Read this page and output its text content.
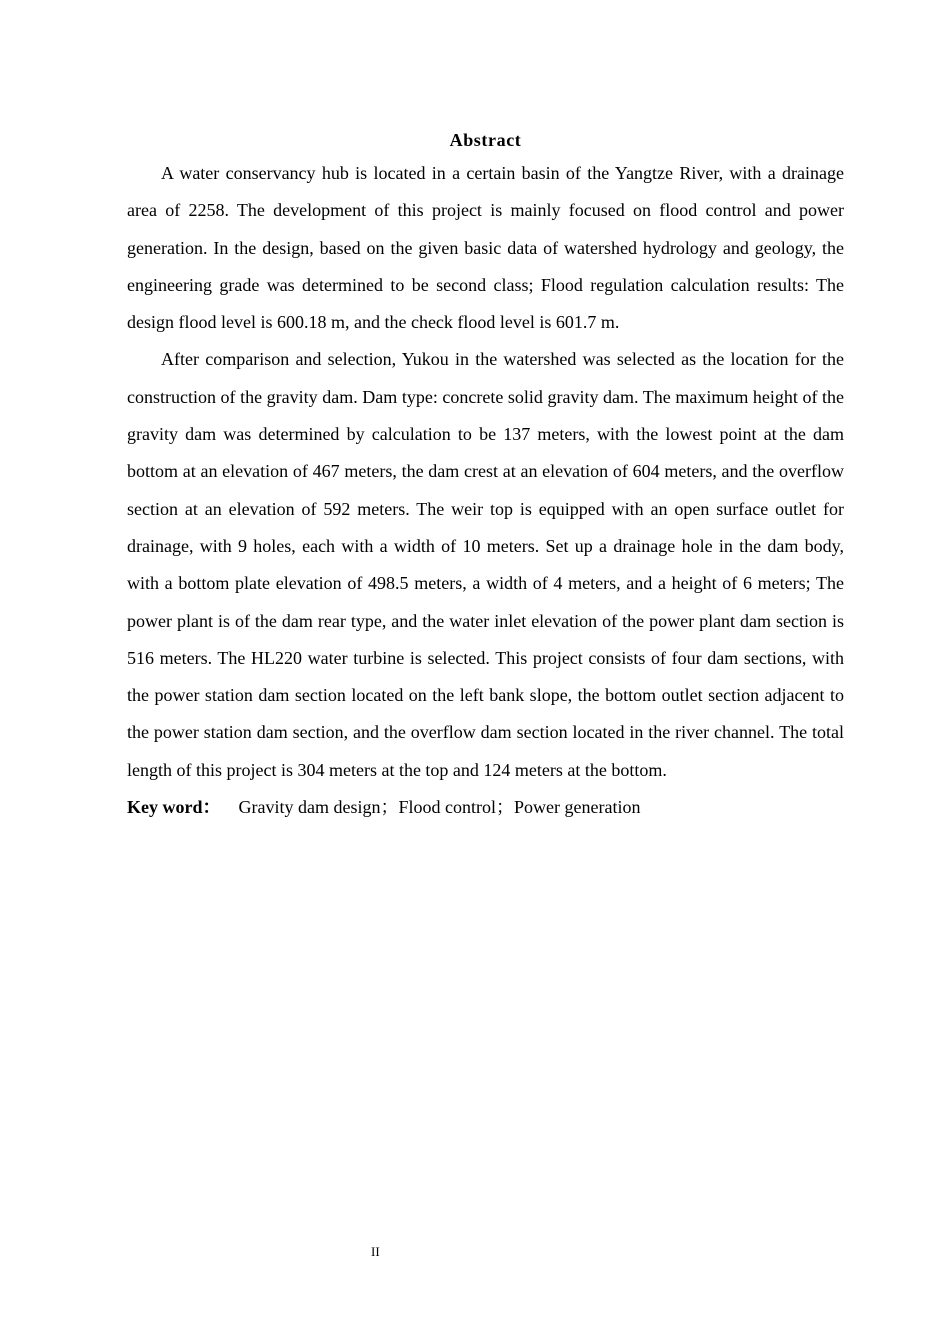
Abstract

A water conservancy hub is located in a certain basin of the Yangtze River, with a drainage area of 2258. The development of this project is mainly focused on flood control and power generation. In the design, based on the given basic data of watershed hydrology and geology, the engineering grade was determined to be second class; Flood regulation calculation results: The design flood level is 600.18 m, and the check flood level is 601.7 m.

After comparison and selection, Yukou in the watershed was selected as the location for the construction of the gravity dam. Dam type: concrete solid gravity dam. The maximum height of the gravity dam was determined by calculation to be 137 meters, with the lowest point at the dam bottom at an elevation of 467 meters, the dam crest at an elevation of 604 meters, and the overflow section at an elevation of 592 meters. The weir top is equipped with an open surface outlet for drainage, with 9 holes, each with a width of 10 meters. Set up a drainage hole in the dam body, with a bottom plate elevation of 498.5 meters, a width of 4 meters, and a height of 6 meters; The power plant is of the dam rear type, and the water inlet elevation of the power plant dam section is 516 meters. The HL220 water turbine is selected. This project consists of four dam sections, with the power station dam section located on the left bank slope, the bottom outlet section adjacent to the power station dam section, and the overflow dam section located in the river channel. The total length of this project is 304 meters at the top and 124 meters at the bottom.

Key word： Gravity dam design；Flood control；Power generation

II
